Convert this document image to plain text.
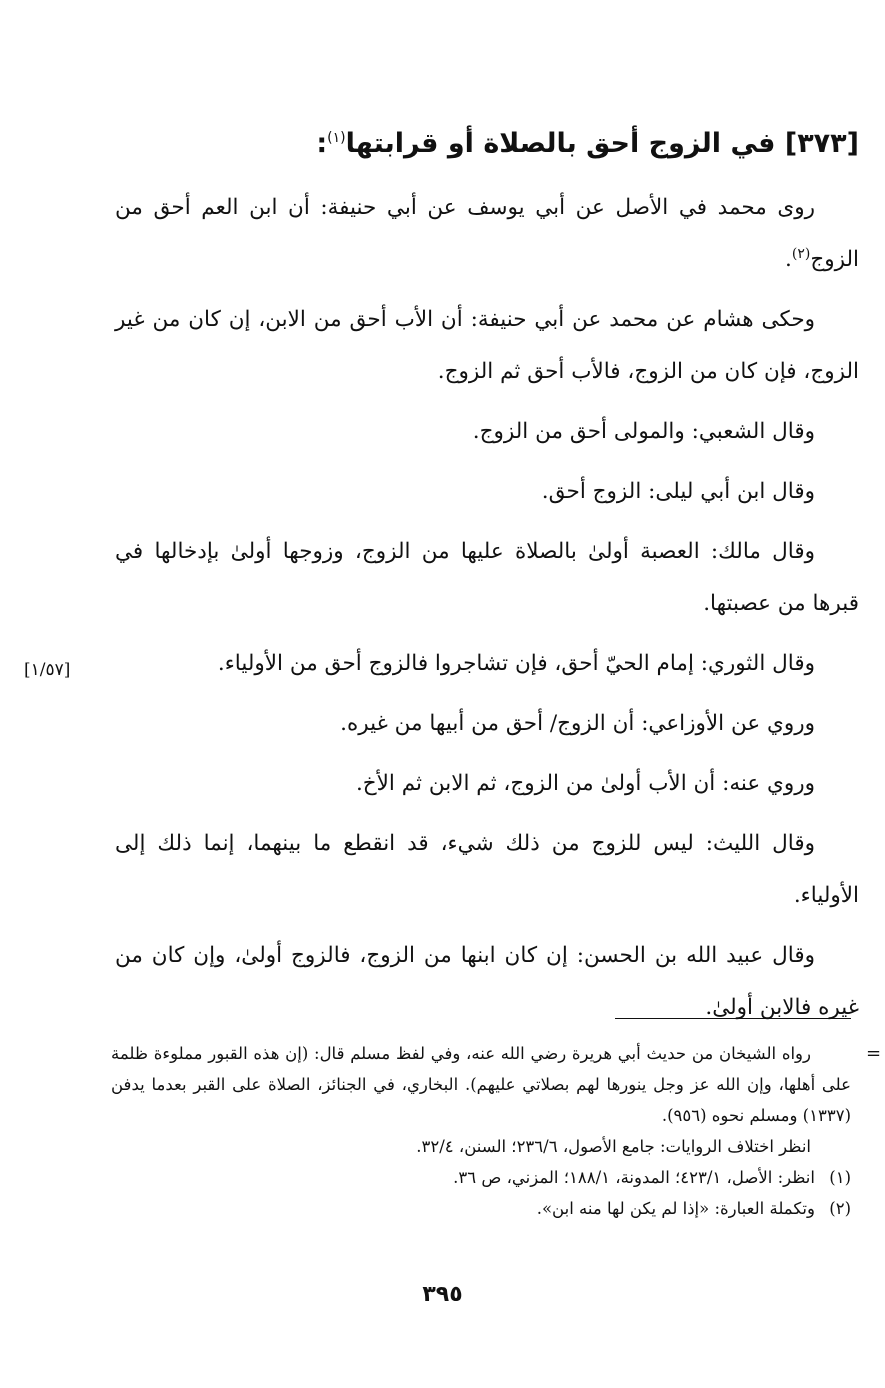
[٣٧٣] في الزوج أحق بالصلاة أو قرابتها$^{(١)}$:

روى محمد في الأصل عن أبي يوسف عن أبي حنيفة: أن ابن العم أحق من الزوج$^{(٢)}$.

وحكى هشام عن محمد عن أبي حنيفة: أن الأب أحق من الابن، إن كان من غير الزوج، فإن كان من الزوج، فالأب أحق ثم الزوج.

وقال الشعبي: والمولى أحق من الزوج.

وقال ابن أبي ليلى: الزوج أحق.

وقال مالك: العصبة أولىٰ بالصلاة عليها من الزوج، وزوجها أولىٰ بإدخالها في قبرها من عصبتها.

وقال الثوري: إمام الحيّ أحق، فإن تشاجروا فالزوج أحق من الأولياء.

وروي عن الأوزاعي: أن الزوج/ أحق من أبيها من غيره.

وروي عنه: أن الأب أولىٰ من الزوج، ثم الابن ثم الأخ.

وقال الليث: ليس للزوج من ذلك شيء، قد انقطع ما بينهما، إنما ذلك إلى الأولياء.

وقال عبيد الله بن الحسن: إن كان ابنها من الزوج، فالزوج أولىٰ، وإن كان من غيره فالابن أولىٰ.

[١/٥٧]
=

رواه الشيخان من حديث أبي هريرة رضي الله عنه، وفي لفظ مسلم قال: (إن هذه القبور مملوءة ظلمة على أهلها، وإن الله عز وجل ينورها لهم بصلاتي عليهم). البخاري، في الجنائز، الصلاة على القبر بعدما يدفن (١٣٣٧) ومسلم نحوه (٩٥٦).

انظر اختلاف الروايات: جامع الأصول، ٢٣٦/٦؛ السنن، ٣٢/٤.

(١)انظر: الأصل، ٤٢٣/١؛ المدونة، ١٨٨/١؛ المزني، ص ٣٦.

(٢)وتكملة العبارة: «إذا لم يكن لها منه ابن».

٣٩٥
